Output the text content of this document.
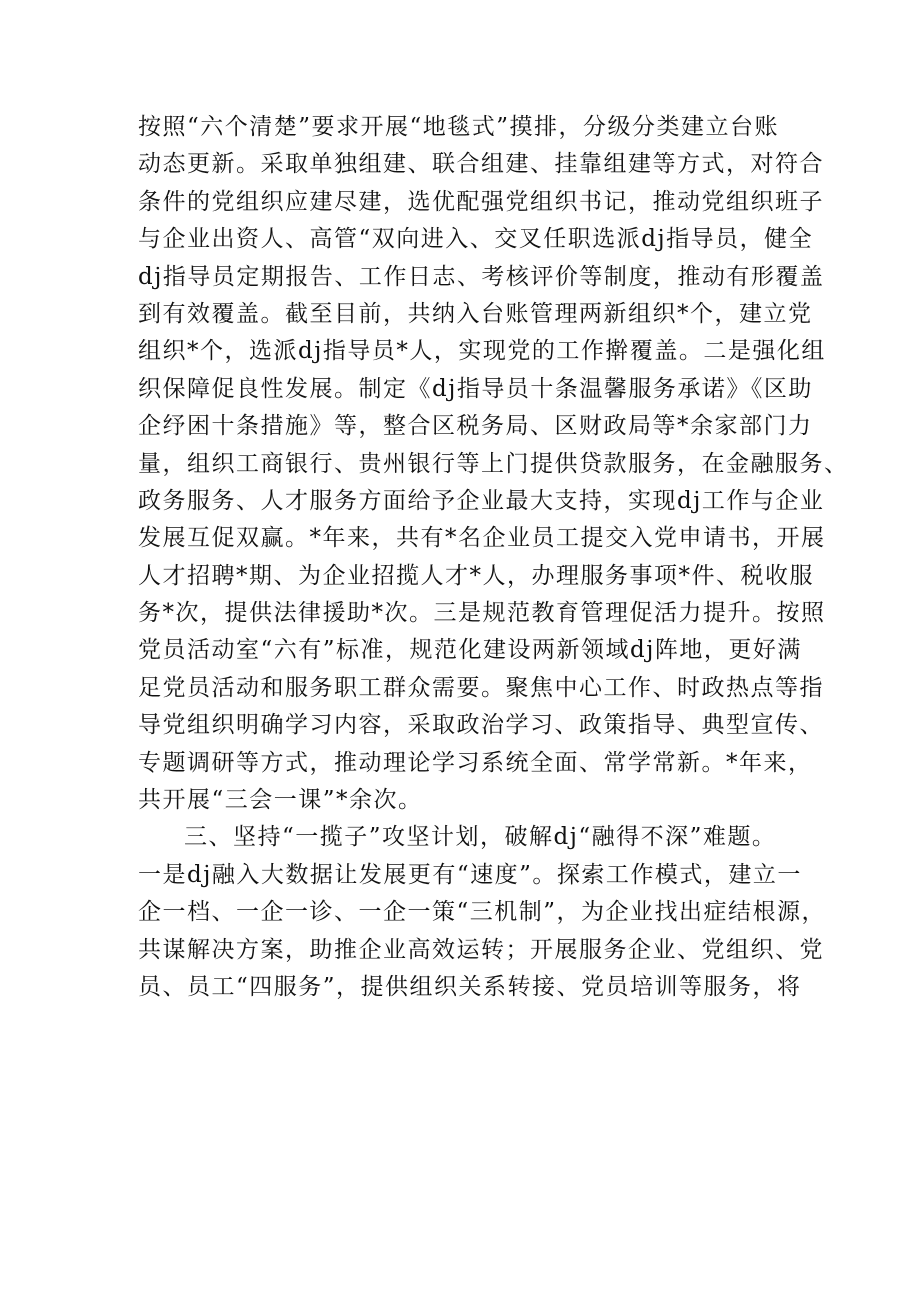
按照“六个清楚”要求开展“地毯式”摸排，分级分类建立台账
动态更新。采取单独组建、联合组建、挂靠组建等方式，对符合
条件的党组织应建尽建，选优配强党组织书记，推动党组织班子
与企业出资人、高管“双向进入、交叉任职选派dj指导员，健全
dj指导员定期报告、工作日志、考核评价等制度，推动有形覆盖
到有效覆盖。截至目前，共纳入台账管理两新组织*个，建立党
组织*个，选派dj指导员*人，实现党的工作擀覆盖。二是强化组
织保障促良性发展。制定《dj指导员十条温馨服务承诺》《区助
企纾困十条措施》等，整合区税务局、区财政局等*余家部门力
量，组织工商银行、贵州银行等上门提供贷款服务，在金融服务、
政务服务、人才服务方面给予企业最大支持，实现dj工作与企业
发展互促双赢。*年来，共有*名企业员工提交入党申请书，开展
人才招聘*期、为企业招揽人才*人，办理服务事项*件、税收服
务*次，提供法律援助*次。三是规范教育管理促活力提升。按照
党员活动室“六有”标准，规范化建设两新领域dj阵地，更好满
足党员活动和服务职工群众需要。聚焦中心工作、时政热点等指
导党组织明确学习内容，采取政治学习、政策指导、典型宣传、
专题调研等方式，推动理论学习系统全面、常学常新。*年来，
共开展“三会一课”*余次。
三、坚持“一揽子”攻坚计划，破解dj“融得不深”难题。
一是dj融入大数据让发展更有“速度”。探索工作模式，建立一
企一档、一企一诊、一企一策“三机制”，为企业找出症结根源，
共谋解决方案，助推企业高效运转；开展服务企业、党组织、党
员、员工“四服务”，提供组织关系转接、党员培训等服务，将
